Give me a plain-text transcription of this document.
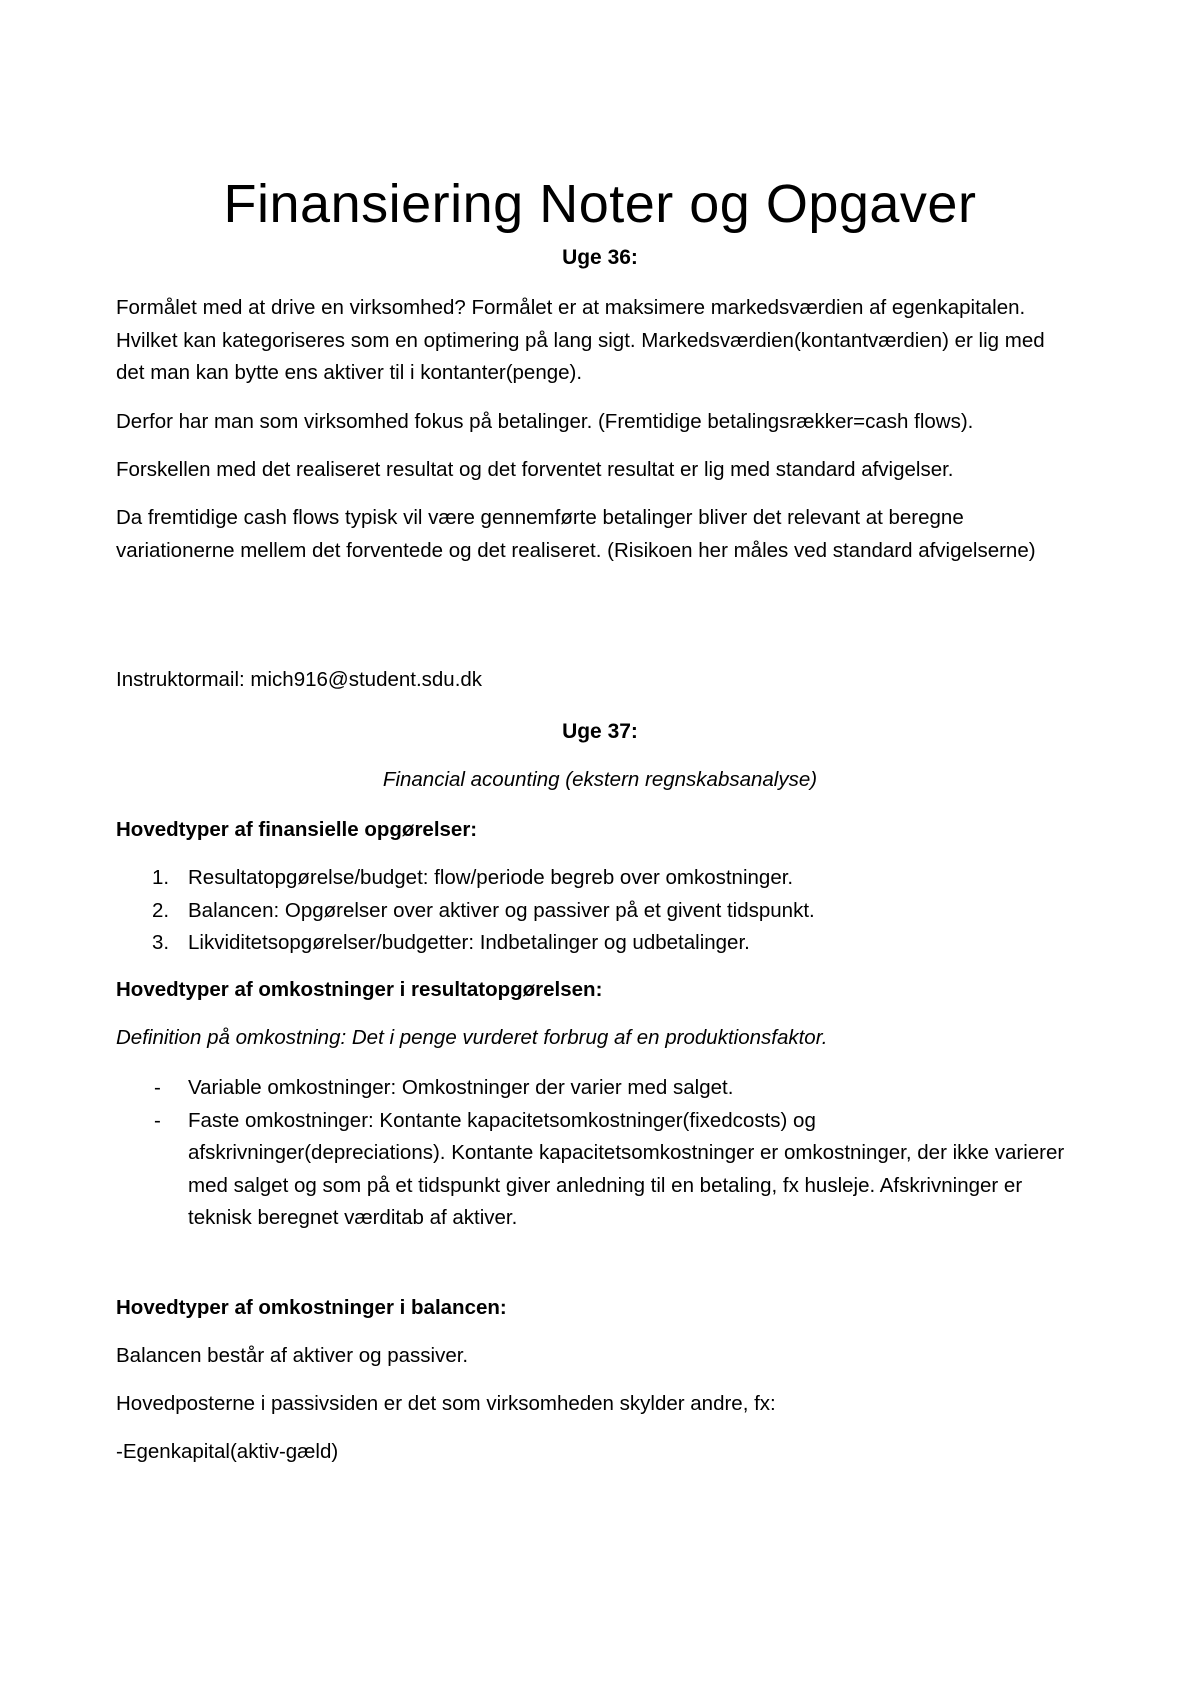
Finansiering Noter og Opgaver

Uge 36:

Formålet med at drive en virksomhed? Formålet er at maksimere markedsværdien af egenkapitalen. Hvilket kan kategoriseres som en optimering på lang sigt. Markedsværdien(kontantværdien) er lig med det man kan bytte ens aktiver til i kontanter(penge).

Derfor har man som virksomhed fokus på betalinger. (Fremtidige betalingsrækker=cash flows).

Forskellen med det realiseret resultat og det forventet resultat er lig med standard afvigelser.

Da fremtidige cash flows typisk vil være gennemførte betalinger bliver det relevant at beregne variationerne mellem det forventede og det realiseret. (Risikoen her måles ved standard afvigelserne)

Instruktormail: mich916@student.sdu.dk

Uge 37:

Financial acounting (ekstern regnskabsanalyse)

Hovedtyper af finansielle opgørelser:

1. Resultatopgørelse/budget: flow/periode begreb over omkostninger.
2. Balancen: Opgørelser over aktiver og passiver på et givent tidspunkt.
3. Likviditetsopgørelser/budgetter: Indbetalinger og udbetalinger.

Hovedtyper af omkostninger i resultatopgørelsen:

Definition på omkostning: Det i penge vurderet forbrug af en produktionsfaktor.

- Variable omkostninger: Omkostninger der varier med salget.
- Faste omkostninger: Kontante kapacitetsomkostninger(fixedcosts) og afskrivninger(depreciations). Kontante kapacitetsomkostninger er omkostninger, der ikke varierer med salget og som på et tidspunkt giver anledning til en betaling, fx husleje. Afskrivninger er teknisk beregnet værditab af aktiver.

Hovedtyper af omkostninger i balancen:

Balancen består af aktiver og passiver.

Hovedposterne i passivsiden er det som virksomheden skylder andre, fx:

-Egenkapital(aktiv-gæld)
